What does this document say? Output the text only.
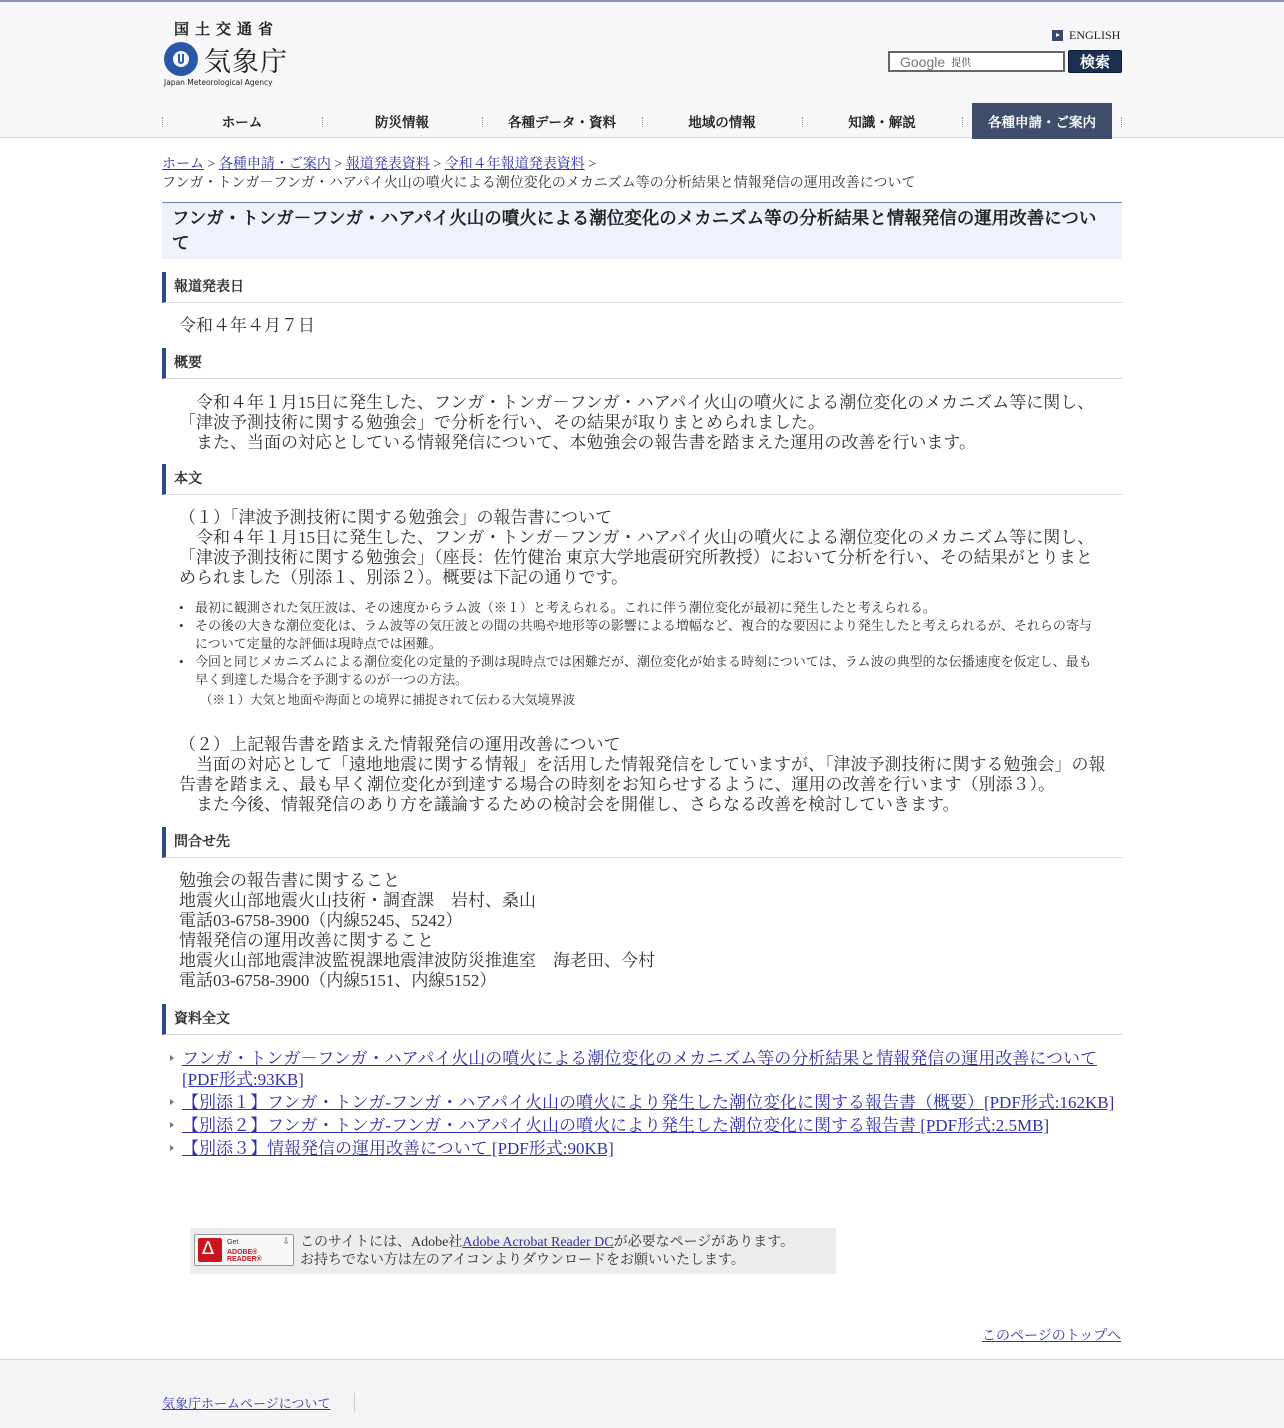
国土交通省
気象庁
Japan Meteorological Agency
ENGLISH
Google 提供	検索
ホーム	防災情報	各種データ・資料	地域の情報	知識・解説	各種申請・ご案内
ホーム > 各種申請・ご案内 > 報道発表資料 > 令和４年報道発表資料 >
フンガ・トンガ－フンガ・ハアパイ火山の噴火による潮位変化のメカニズム等の分析結果と情報発信の運用改善について
フンガ・トンガ－フンガ・ハアパイ火山の噴火による潮位変化のメカニズム等の分析結果と情報発信の運用改善について
報道発表日
令和４年４月７日
概要

令和４年１月15日に発生した、フンガ・トンガ－フンガ・ハアパイ火山の噴火による潮位変化のメカニズム等に関し、「津波予測技術に関する勉強会」で分析を行い、その結果が取りまとめられました。

また、当面の対応としている情報発信について、本勉強会の報告書を踏まえた運用の改善を行います。

本文

（１）「津波予測技術に関する勉強会」の報告書について

令和４年１月15日に発生した、フンガ・トンガ－フンガ・ハアパイ火山の噴火による潮位変化のメカニズム等に関し、「津波予測技術に関する勉強会」（座長：佐竹健治 東京大学地震研究所教授）において分析を行い、その結果がとりまとめられました（別添１、別添２）。概要は下記の通りです。

• 最初に観測された気圧波は、その速度からラム波（※１）と考えられる。これに伴う潮位変化が最初に発生したと考えられる。
• その後の大きな潮位変化は、ラム波等の気圧波との間の共鳴や地形等の影響による増幅など、複合的な要因により発生したと考えられるが、それらの寄与について定量的な評価は現時点では困難。
• 今回と同じメカニズムによる潮位変化の定量的予測は現時点では困難だが、潮位変化が始まる時刻については、ラム波の典型的な伝播速度を仮定し、最も早く到達した場合を予測するのが一つの方法。
（※１）大気と地面や海面との境界に捕捉されて伝わる大気境界波

（２）上記報告書を踏まえた情報発信の運用改善について

当面の対応として「遠地地震に関する情報」を活用した情報発信をしていますが、「津波予測技術に関する勉強会」の報告書を踏まえ、最も早く潮位変化が到達する場合の時刻をお知らせするように、運用の改善を行います（別添３）。

また今後、情報発信のあり方を議論するための検討会を開催し、さらなる改善を検討していきます。

問合せ先

勉強会の報告書に関すること

地震火山部地震火山技術・調査課　岩村、桑山

電話03-6758-3900（内線5245、5242）

情報発信の運用改善に関すること

地震火山部地震津波監視課地震津波防災推進室　海老田、今村

電話03-6758-3900（内線5151、内線5152）

資料全文
フンガ・トンガ－フンガ・ハアパイ火山の噴火による潮位変化のメカニズム等の分析結果と情報発信の運用改善について [PDF形式:93KB]
【別添１】フンガ・トンガ-フンガ・ハアパイ火山の噴火により発生した潮位変化に関する報告書（概要）[PDF形式:162KB]
【別添２】フンガ・トンガ-フンガ・ハアパイ火山の噴火により発生した潮位変化に関する報告書 [PDF形式:2.5MB]
【別添３】情報発信の運用改善について [PDF形式:90KB]
∆
Get
ADOBE® READER®
⇩ このサイトには、Adobe社Adobe Acrobat Reader DCが必要なページがあります。
お持ちでない方は左のアイコンよりダウンロードをお願いいたします。
このページのトップへ
気象庁ホームページについて
